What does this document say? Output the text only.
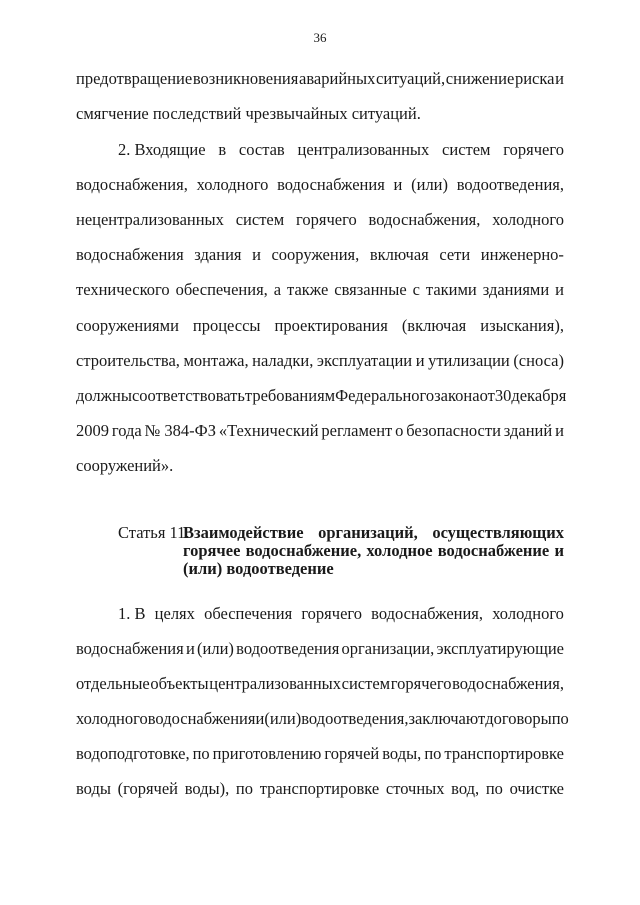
36
предотвращение возникновения аварийных ситуаций, снижение риска и
смягчение последствий чрезвычайных ситуаций.
2. Входящие в состав централизованных систем горячего
водоснабжения, холодного водоснабжения и (или) водоотведения,
нецентрализованных систем горячего водоснабжения, холодного
водоснабжения здания и сооружения, включая сети инженерно-
технического обеспечения, а также связанные с такими зданиями и
сооружениями процессы проектирования (включая изыскания),
строительства, монтажа, наладки, эксплуатации и утилизации (сноса)
должны соответствовать требованиям Федерального закона от 30 декабря
2009 года № 384-ФЗ «Технический регламент о безопасности зданий и
сооружений».
Статья 11.
Взаимодействие организаций, осуществляющих
горячее водоснабжение, холодное водоснабжение и
(или) водоотведение
1. В целях обеспечения горячего водоснабжения, холодного
водоснабжения и (или) водоотведения организации, эксплуатирующие
отдельные объекты централизованных систем горячего водоснабжения,
холодного водоснабжения и (или) водоотведения, заключают договоры по
водоподготовке, по приготовлению горячей воды, по транспортировке
воды (горячей воды), по транспортировке сточных вод, по очистке
